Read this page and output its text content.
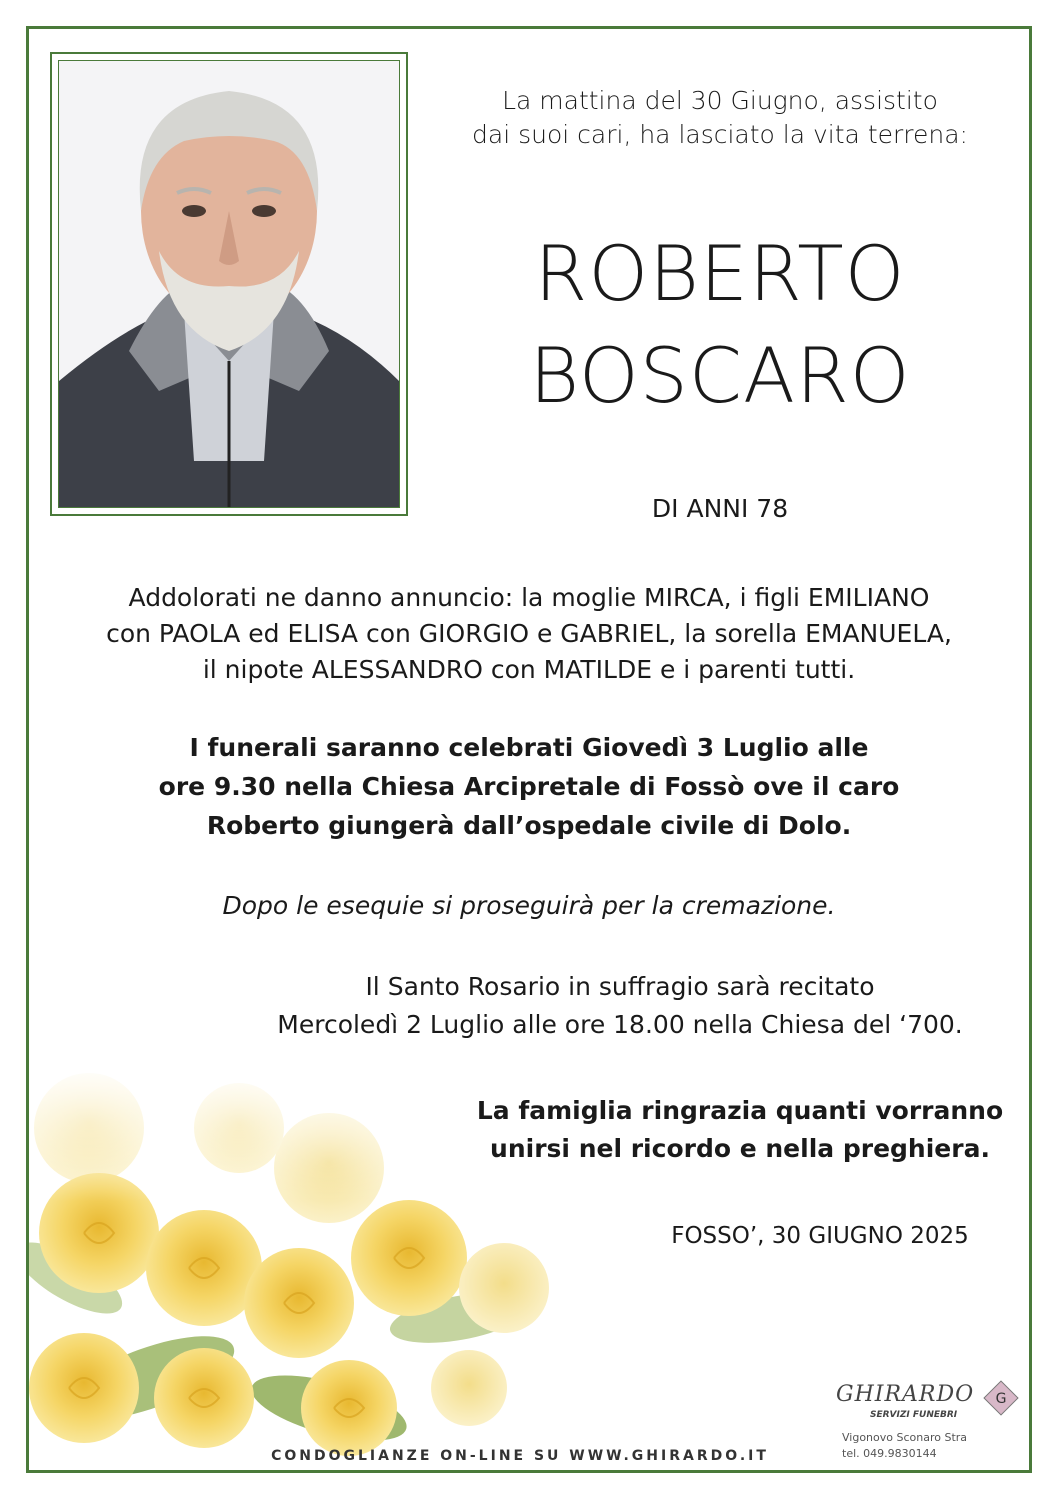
La mattina del 30 Giugno, assistito
dai suoi cari, ha lasciato la vita terrena:
ROBERTO
BOSCARO
DI ANNI 78
Addolorati ne danno annuncio: la moglie MIRCA, i figli EMILIANO
con PAOLA ed ELISA con GIORGIO e GABRIEL, la sorella EMANUELA,
il nipote ALESSANDRO con MATILDE e i parenti tutti.
I funerali saranno celebrati Giovedì 3 Luglio alle
ore 9.30 nella Chiesa Arcipretale di Fossò ove il caro
Roberto giungerà dall’ospedale civile di Dolo.
Dopo le esequie si proseguirà per la cremazione.
Il Santo Rosario in suffragio sarà recitato
Mercoledì 2 Luglio alle ore 18.00 nella Chiesa del ‘700.
La famiglia ringrazia quanti vorranno
unirsi nel ricordo e nella preghiera.
FOSSO’, 30 GIUGNO 2025
CONDOGLIANZE ON-LINE SU WWW.GHIRARDO.IT
GHIRARDO
SERVIZI FUNEBRI
G
Vigonovo Sconaro Stra
tel. 049.9830144
